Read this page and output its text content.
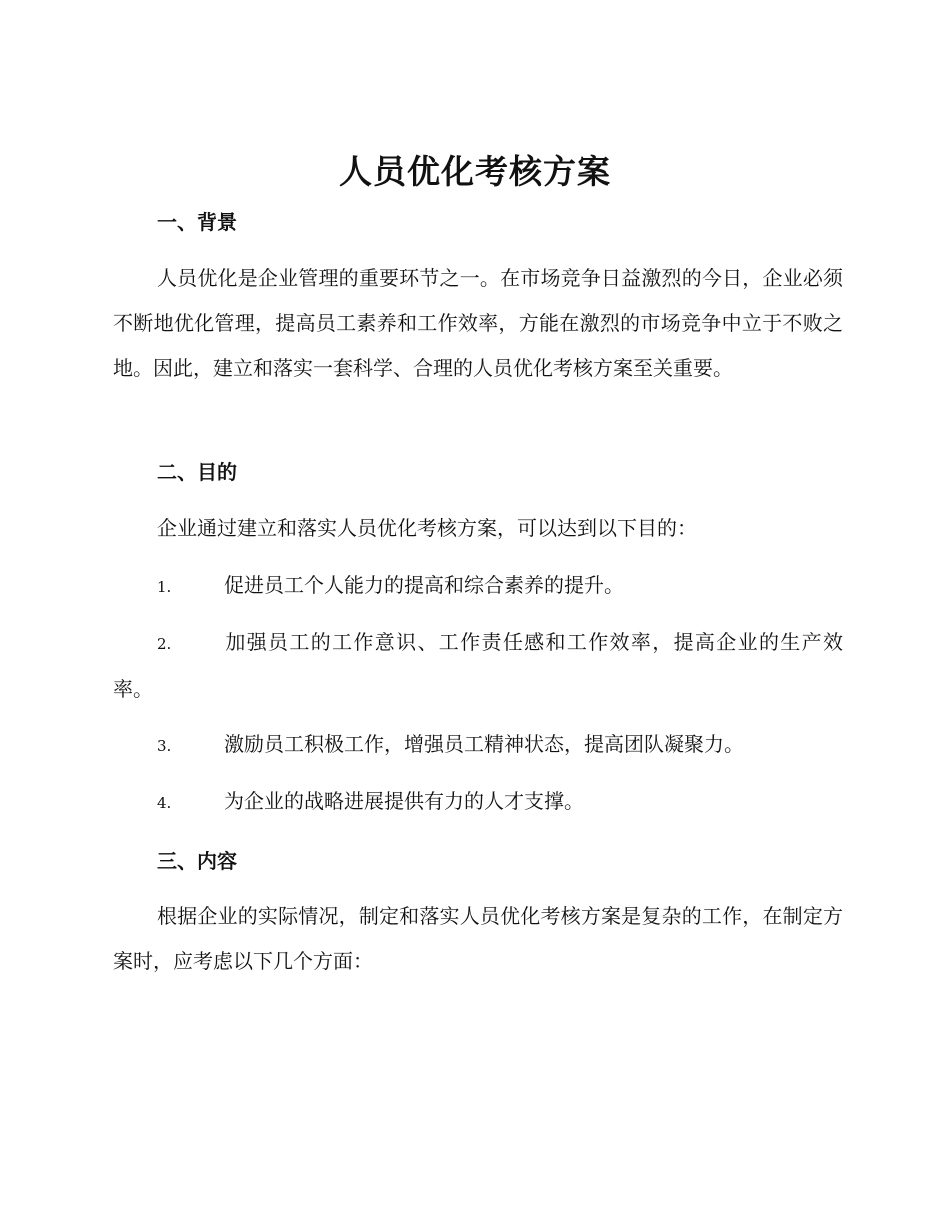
人员优化考核方案
一、背景

人员优化是企业管理的重要环节之一。在市场竞争日益激烈的今日，企业必须不断地优化管理，提高员工素养和工作效率，方能在激烈的市场竞争中立于不败之地。因此，建立和落实一套科学、合理的人员优化考核方案至关重要。

二、目的

企业通过建立和落实人员优化考核方案，可以达到以下目的：

1.	促进员工个人能力的提高和综合素养的提升。

2.	加强员工的工作意识、工作责任感和工作效率，提高企业的生产效率。

3.	激励员工积极工作，增强员工精神状态，提高团队凝聚力。

4.	为企业的战略进展提供有力的人才支撑。

三、内容

根据企业的实际情况，制定和落实人员优化考核方案是复杂的工作，在制定方案时，应考虑以下几个方面：
